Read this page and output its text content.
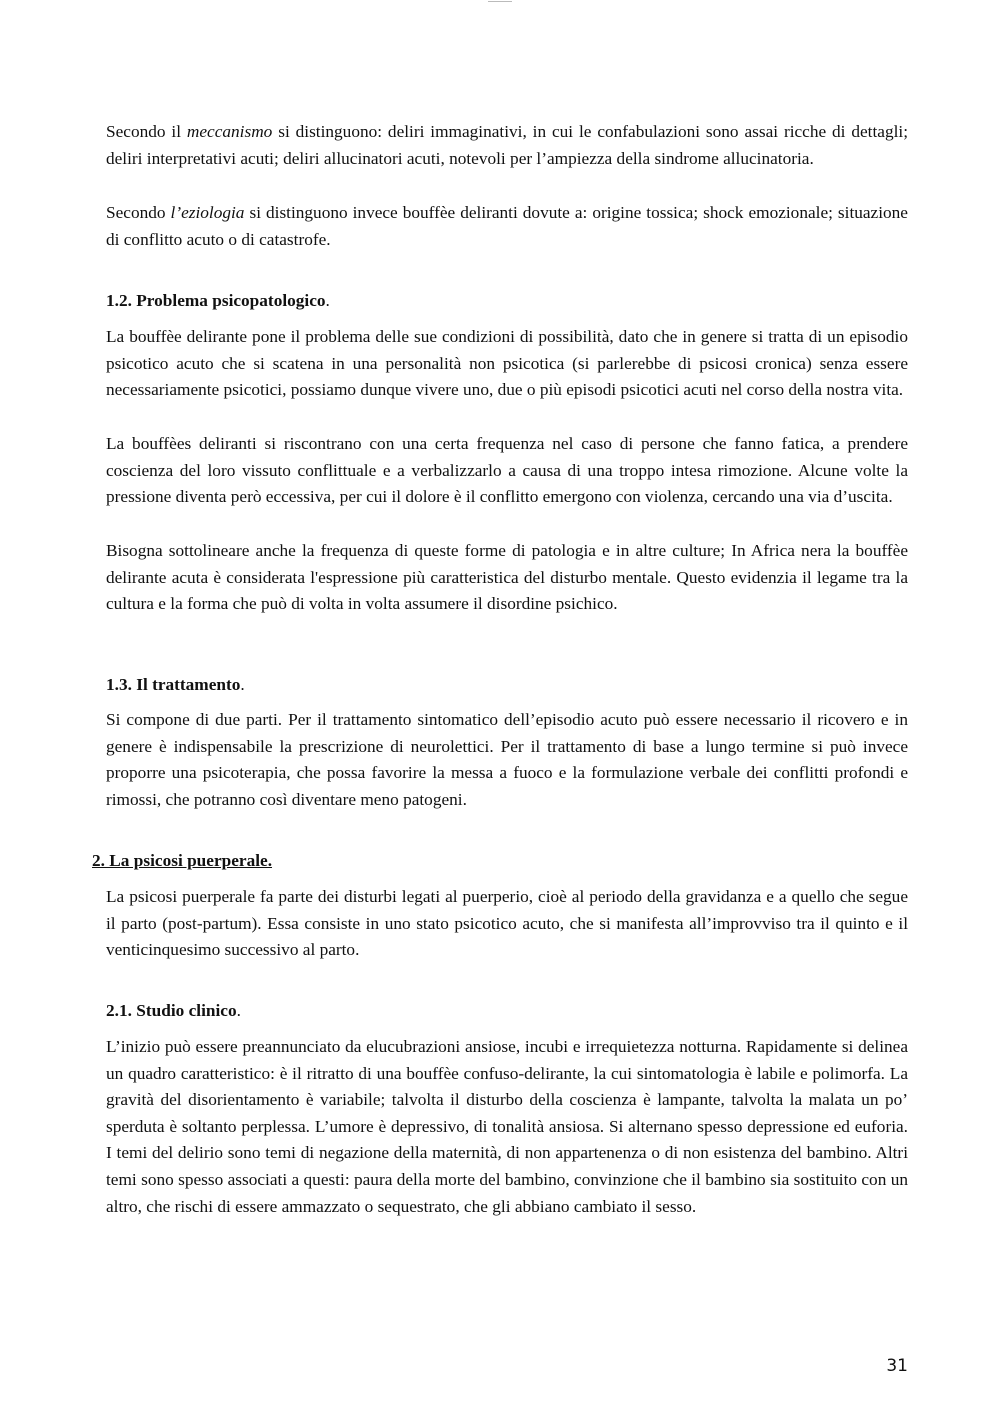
Secondo il meccanismo si distinguono: deliri immaginativi, in cui le confabulazioni sono assai ricche di dettagli; deliri interpretativi acuti; deliri allucinatori acuti, notevoli per l’ampiezza della sindrome allucinatoria.

Secondo l’eziologia si distinguono invece bouffèe deliranti dovute a: origine tossica; shock emozionale; situazione di conflitto acuto o di catastrofe.

1.2. Problema psicopatologico.

La bouffèe delirante pone il problema delle sue condizioni di possibilità, dato che in genere si tratta di un episodio psicotico acuto che si scatena in una personalità non psicotica (si parlerebbe di psicosi cronica) senza essere necessariamente psicotici, possiamo dunque vivere uno, due o più episodi psicotici acuti nel corso della nostra vita.

La bouffèes deliranti si riscontrano con una certa frequenza nel caso di persone che fanno fatica, a prendere coscienza del loro vissuto conflittuale e a verbalizzarlo a causa di una troppo intesa rimozione. Alcune volte la pressione diventa però eccessiva, per cui il dolore è il conflitto emergono con violenza, cercando una via d’uscita.

Bisogna sottolineare anche la frequenza di queste forme di patologia e in altre culture; In Africa nera la bouffèe delirante acuta è considerata l'espressione più caratteristica del disturbo mentale. Questo evidenzia il legame tra la cultura e la forma che può di volta in volta assumere il disordine psichico.

1.3. Il trattamento.

Si compone di due parti. Per il trattamento sintomatico dell’episodio acuto può essere necessario il ricovero e in genere è indispensabile la prescrizione di neurolettici. Per il trattamento di base a lungo termine si può invece proporre una psicoterapia, che possa favorire la messa a fuoco e la formulazione verbale dei conflitti profondi e rimossi, che potranno così diventare meno patogeni.

2. La psicosi puerperale.

La psicosi puerperale fa parte dei disturbi legati al puerperio, cioè al periodo della gravidanza e a quello che segue il parto (post-partum). Essa consiste in uno stato psicotico acuto, che si manifesta all’improvviso tra il quinto e il venticinquesimo successivo al parto.

2.1. Studio clinico.

L’inizio può essere preannunciato da elucubrazioni ansiose, incubi e irrequietezza notturna. Rapidamente si delinea un quadro caratteristico: è il ritratto di una bouffèe confuso-delirante, la cui sintomatologia è labile e polimorfa. La gravità del disorientamento è variabile; talvolta il disturbo della coscienza è lampante, talvolta la malata un po’ sperduta è soltanto perplessa. L’umore è depressivo, di tonalità ansiosa. Si alternano spesso depressione ed euforia. I temi del delirio sono temi di negazione della maternità, di non appartenenza o di non esistenza del bambino. Altri temi sono spesso associati a questi: paura della morte del bambino, convinzione che il bambino sia sostituito con un altro, che rischi di essere ammazzato o sequestrato, che gli abbiano cambiato il sesso.

31
